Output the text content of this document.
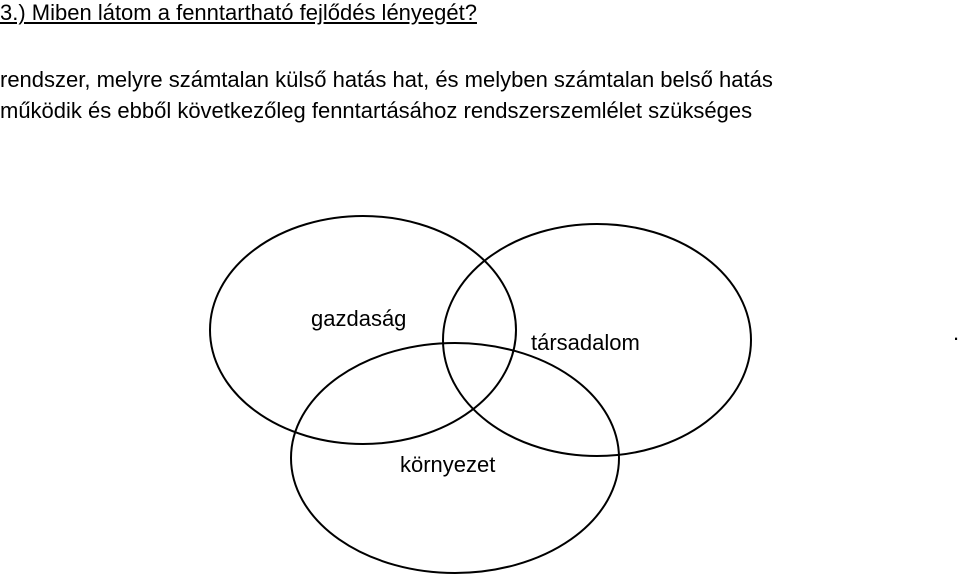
3.) Miben látom a fenntartható fejlődés lényegét?
rendszer, melyre számtalan külső hatás hat, és melyben számtalan belső hatás
működik és ebből következőleg fenntartásához rendszerszemlélet szükséges
gazdaság
társadalom
környezet
.
